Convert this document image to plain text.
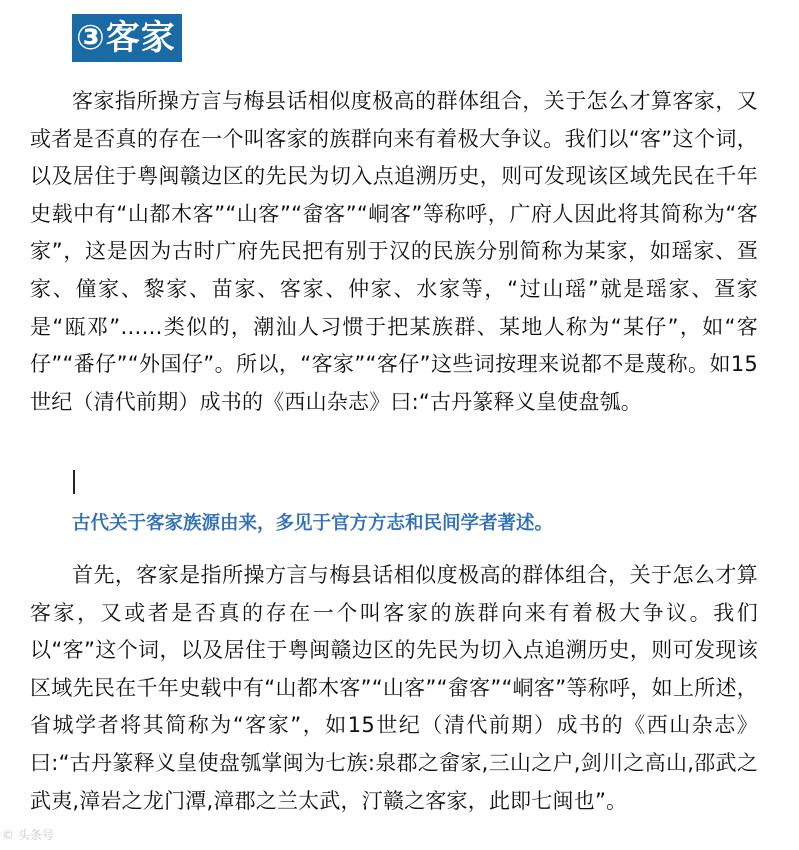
③客家

客家指所操方言与梅县话相似度极高的群体组合，关于怎么才算客家，又或者是否真的存在一个叫客家的族群向来有着极大争议。我们以“客”这个词，以及居住于粤闽赣边区的先民为切入点追溯历史，则可发现该区域先民在千年史载中有“山都木客”“山客”“畲客”“峒客”等称呼，广府人因此将其简称为“客家”，这是因为古时广府先民把有别于汉的民族分别简称为某家，如瑶家、疍家、僮家、黎家、苗家、客家、仲家、水家等，“过山瑶”就是瑶家、疍家是“瓯邓”……类似的，潮汕人习惯于把某族群、某地人称为“某仔”，如“客仔”“番仔”“外国仔”。所以，“客家”“客仔”这些词按理来说都不是蔑称。如15世纪（清代前期）成书的《西山杂志》曰:“古丹篆释义皇使盘瓠。

古代关于客家族源由来，多见于官方方志和民间学者著述。

首先，客家是指所操方言与梅县话相似度极高的群体组合，关于怎么才算客家，又或者是否真的存在一个叫客家的族群向来有着极大争议。我们以“客”这个词，以及居住于粤闽赣边区的先民为切入点追溯历史，则可发现该区域先民在千年史载中有“山都木客”“山客”“畲客”“峒客”等称呼，如上所述，省城学者将其简称为“客家”，如15世纪（清代前期）成书的《西山杂志》曰:“古丹篆释义皇使盘瓠掌闽为七族:泉郡之畲家,三山之户,剑川之高山,邵武之武夷,漳岩之龙门潭,漳郡之兰太武，汀赣之客家，此即七闽也”。

© 头条号
